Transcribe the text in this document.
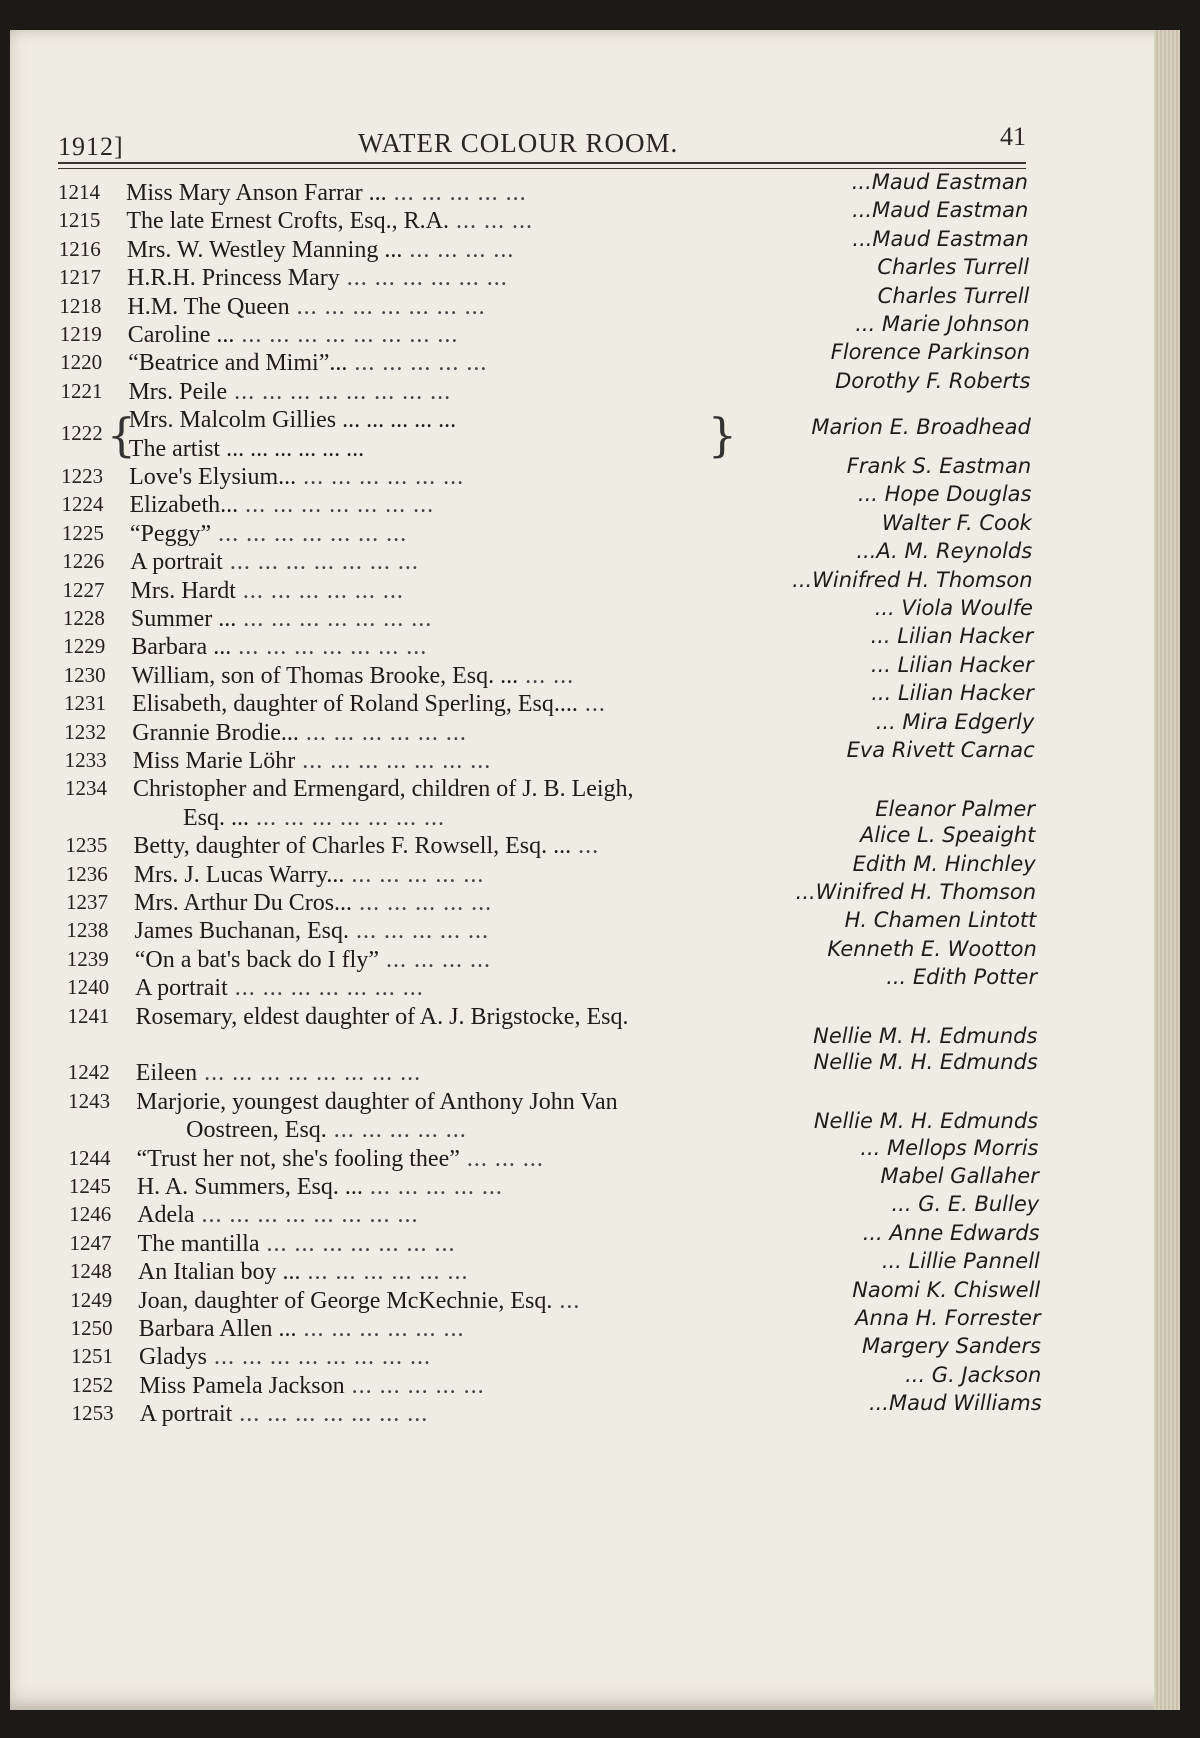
1912]	WATER COLOUR ROOM.	41
1214 Miss Mary Anson Farrar ... ... ... ... ... ...	...Maud Eastman
1215 The late Ernest Crofts, Esq., R.A. ... ... ...	...Maud Eastman
1216 Mrs. W. Westley Manning ... ... ... ... ...	...Maud Eastman
1217 H.R.H. Princess Mary ... ... ... ... ... ...	Charles Turrell
1218 H.M. The Queen ... ... ... ... ... ... ...	Charles Turrell
1219 Caroline ... ... ... ... ... ... ... ... ...	... Marie Johnson
1220 “Beatrice and Mimi”... ... ... ... ... ...	Florence Parkinson
1221 Mrs. Peile ... ... ... ... ... ... ... ...	Dorothy F. Roberts
1222 {
Mrs. Malcolm Gillies ... ... ... ... ...
The artist ... ... ... ... ... ...	}	Marion E. Broadhead
1223 Love's Elysium... ... ... ... ... ... ...	Frank S. Eastman
1224 Elizabeth... ... ... ... ... ... ... ...	... Hope Douglas
1225 “Peggy” ... ... ... ... ... ... ...	Walter F. Cook
1226 A portrait ... ... ... ... ... ... ...	...A. M. Reynolds
1227 Mrs. Hardt ... ... ... ... ... ...	...Winifred H. Thomson
1228 Summer ... ... ... ... ... ... ... ...	... Viola Woulfe
1229 Barbara ... ... ... ... ... ... ... ...	... Lilian Hacker
1230 William, son of Thomas Brooke, Esq. ... ... ...	... Lilian Hacker
1231 Elisabeth, daughter of Roland Sperling, Esq.... ...	... Lilian Hacker
1232 Grannie Brodie... ... ... ... ... ... ...	... Mira Edgerly
1233 Miss Marie Löhr ... ... ... ... ... ... ...	Eva Rivett Carnac
1234 Christopher and Ermengard, children of J. B. Leigh,
Esq. ... ... ... ... ... ... ... ...	Eleanor Palmer
1235 Betty, daughter of Charles F. Rowsell, Esq. ... ...	Alice L. Speaight
1236 Mrs. J. Lucas Warry... ... ... ... ... ...	Edith M. Hinchley
1237 Mrs. Arthur Du Cros... ... ... ... ... ...	...Winifred H. Thomson
1238 James Buchanan, Esq. ... ... ... ... ...	H. Chamen Lintott
1239 “On a bat's back do I fly” ... ... ... ...	Kenneth E. Wootton
1240 A portrait ... ... ... ... ... ... ...	... Edith Potter
1241 Rosemary, eldest daughter of A. J. Brigstocke, Esq.
Nellie M. H. Edmunds
1242 Eileen ... ... ... ... ... ... ... ...	Nellie M. H. Edmunds
1243 Marjorie, youngest daughter of Anthony John Van
Oostreen, Esq. ... ... ... ... ...	Nellie M. H. Edmunds
1244 “Trust her not, she's fooling thee” ... ... ...	... Mellops Morris
1245 H. A. Summers, Esq. ... ... ... ... ... ...	Mabel Gallaher
1246 Adela ... ... ... ... ... ... ... ...	... G. E. Bulley
1247 The mantilla ... ... ... ... ... ... ...	... Anne Edwards
1248 An Italian boy ... ... ... ... ... ... ...	... Lillie Pannell
1249 Joan, daughter of George McKechnie, Esq. ...	Naomi K. Chiswell
1250 Barbara Allen ... ... ... ... ... ... ...	Anna H. Forrester
1251 Gladys ... ... ... ... ... ... ... ...	Margery Sanders
1252 Miss Pamela Jackson ... ... ... ... ...	... G. Jackson
1253 A portrait ... ... ... ... ... ... ...	...Maud Williams
